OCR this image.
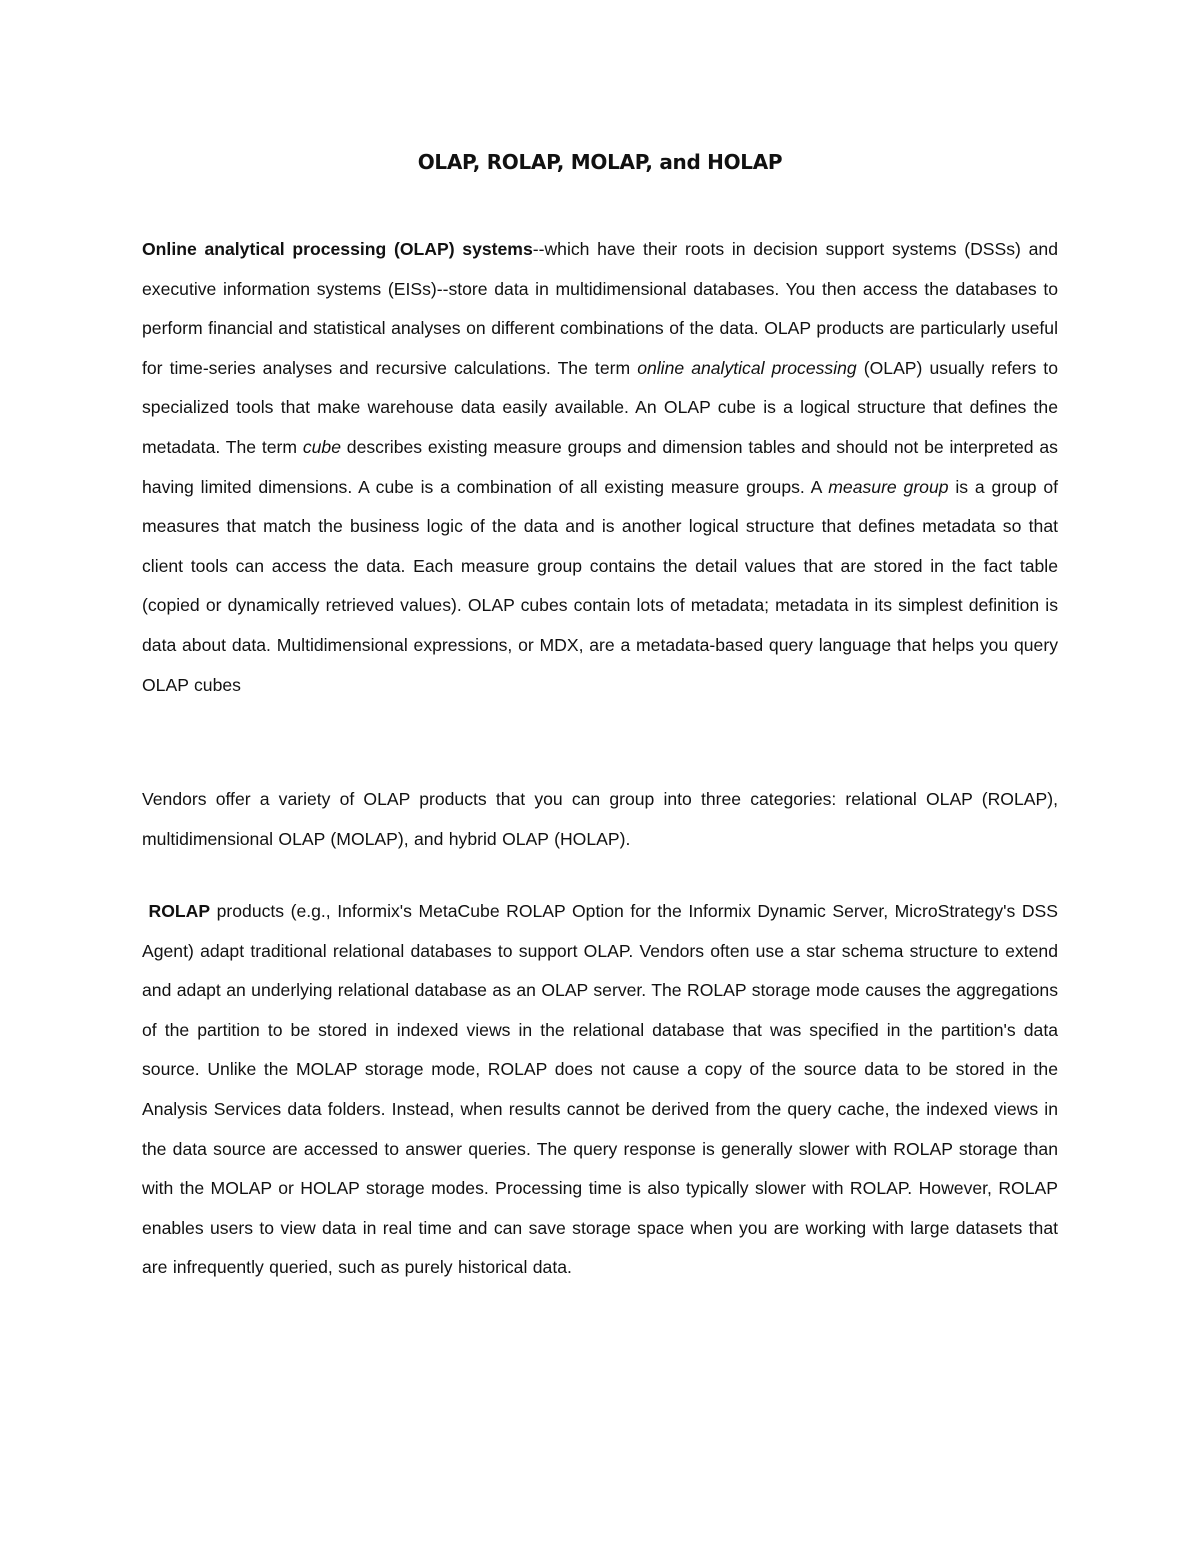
OLAP, ROLAP, MOLAP, and HOLAP

Online analytical processing (OLAP) systems--which have their roots in decision support systems (DSSs) and executive information systems (EISs)--store data in multidimensional databases. You then access the databases to perform financial and statistical analyses on different combinations of the data. OLAP products are particularly useful for time-series analyses and recursive calculations. The term online analytical processing (OLAP) usually refers to specialized tools that make warehouse data easily available. An OLAP cube is a logical structure that defines the metadata. The term cube describes existing measure groups and dimension tables and should not be interpreted as having limited dimensions. A cube is a combination of all existing measure groups. A measure group is a group of measures that match the business logic of the data and is another logical structure that defines metadata so that client tools can access the data. Each measure group contains the detail values that are stored in the fact table (copied or dynamically retrieved values). OLAP cubes contain lots of metadata; metadata in its simplest definition is data about data. Multidimensional expressions, or MDX, are a metadata-based query language that helps you query OLAP cubes

Vendors offer a variety of OLAP products that you can group into three categories: relational OLAP (ROLAP), multidimensional OLAP (MOLAP), and hybrid OLAP (HOLAP).

ROLAP products (e.g., Informix's MetaCube ROLAP Option for the Informix Dynamic Server, MicroStrategy's DSS Agent) adapt traditional relational databases to support OLAP. Vendors often use a star schema structure to extend and adapt an underlying relational database as an OLAP server. The ROLAP storage mode causes the aggregations of the partition to be stored in indexed views in the relational database that was specified in the partition's data source. Unlike the MOLAP storage mode, ROLAP does not cause a copy of the source data to be stored in the Analysis Services data folders. Instead, when results cannot be derived from the query cache, the indexed views in the data source are accessed to answer queries. The query response is generally slower with ROLAP storage than with the MOLAP or HOLAP storage modes. Processing time is also typically slower with ROLAP. However, ROLAP enables users to view data in real time and can save storage space when you are working with large datasets that are infrequently queried, such as purely historical data.
